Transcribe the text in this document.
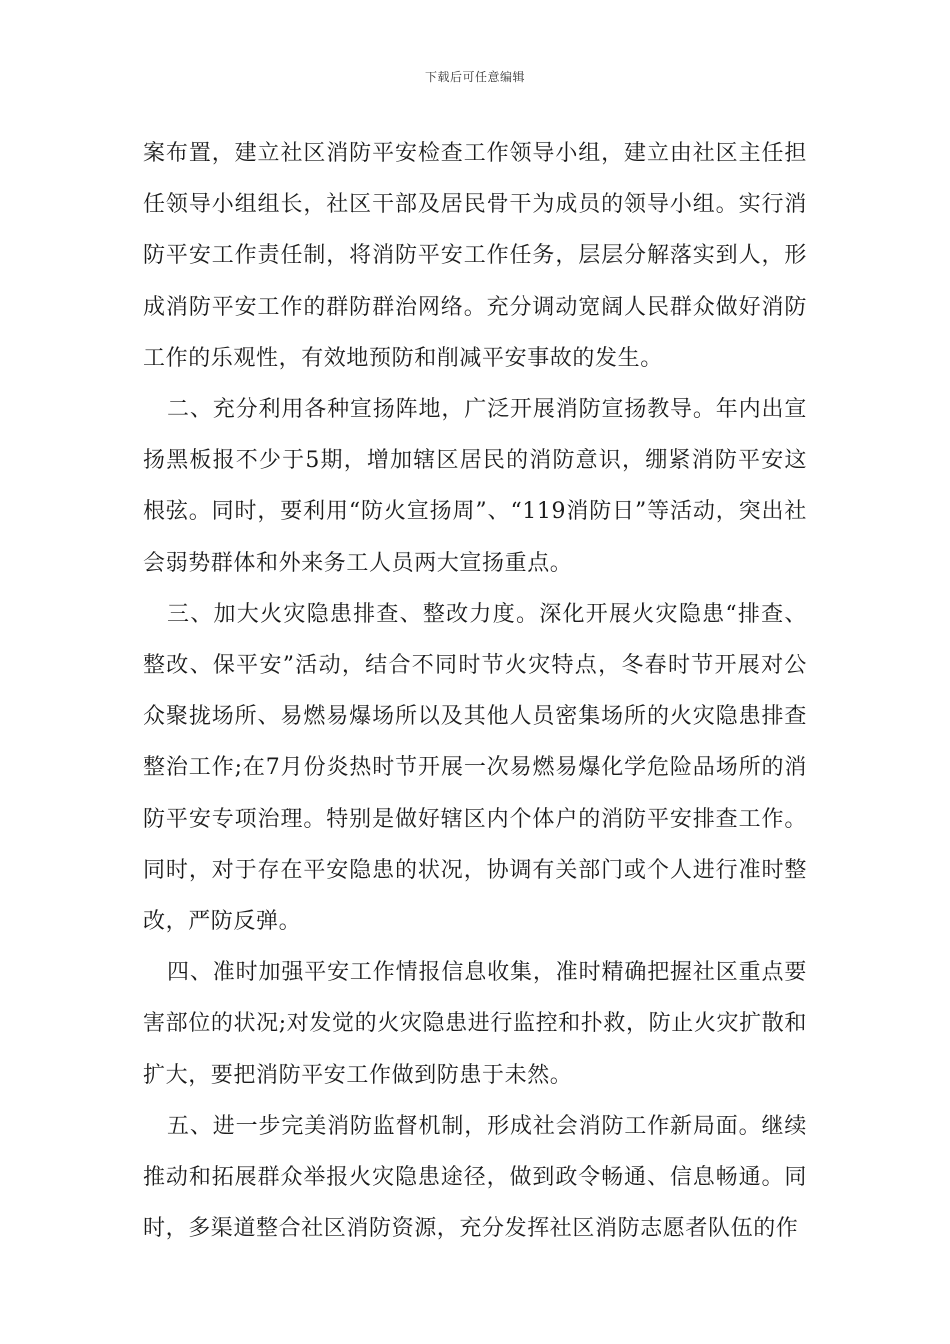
下载后可任意编辑

案布置，建立社区消防平安检查工作领导小组，建立由社区主任担任领导小组组长，社区干部及居民骨干为成员的领导小组。实行消防平安工作责任制，将消防平安工作任务，层层分解落实到人，形成消防平安工作的群防群治网络。充分调动宽阔人民群众做好消防工作的乐观性，有效地预防和削减平安事故的发生。

二、充分利用各种宣扬阵地，广泛开展消防宣扬教导。年内出宣扬黑板报不少于5期，增加辖区居民的消防意识，绷紧消防平安这根弦。同时，要利用“防火宣扬周”、“119消防日”等活动，突出社会弱势群体和外来务工人员两大宣扬重点。

三、加大火灾隐患排查、整改力度。深化开展火灾隐患“排查、整改、保平安”活动，结合不同时节火灾特点，冬春时节开展对公众聚拢场所、易燃易爆场所以及其他人员密集场所的火灾隐患排查整治工作;在7月份炎热时节开展一次易燃易爆化学危险品场所的消防平安专项治理。特别是做好辖区内个体户的消防平安排查工作。同时，对于存在平安隐患的状况，协调有关部门或个人进行准时整改，严防反弹。

四、准时加强平安工作情报信息收集，准时精确把握社区重点要害部位的状况;对发觉的火灾隐患进行监控和扑救，防止火灾扩散和扩大，要把消防平安工作做到防患于未然。

五、进一步完美消防监督机制，形成社会消防工作新局面。继续推动和拓展群众举报火灾隐患途径，做到政令畅通、信息畅通。同时，多渠道整合社区消防资源，充分发挥社区消防志愿者队伍的作
